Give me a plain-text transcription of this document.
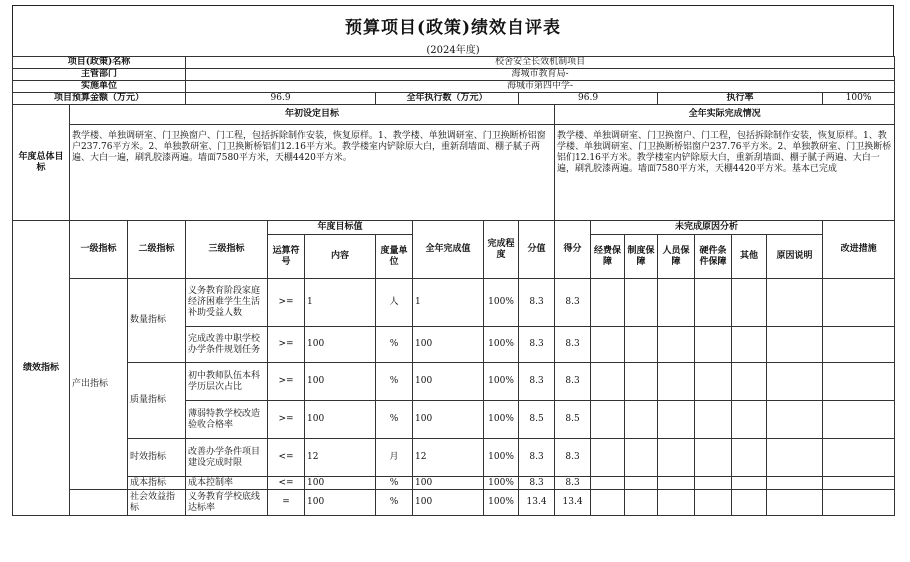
预算项目(政策)绩效自评表
(2024年度)
项目(政策)名称			校舍安全长效机制项目														
主管部门			海城市教育局-														
实施单位			海城市第四中学-														
项目预算金额（万元）			96.9			全年执行数（万元）			96.9				执行率				100%
年度总体目标	年初设定目标									全年实际完成情况							
	教学楼、单独调研室、门卫换窗户、门工程，包括拆除制作安装，恢复原样。1、教学楼、单独调研室、门卫换断桥铝窗户237.76平方米。2、单独教研室、门卫换断桥铝们12.16平方米。教学楼室内铲除原大白，重新刮墙面、棚子腻子两遍、大白一遍，刷乳胶漆两遍。墙面7580平方米，天棚4420平方米。									教学楼、单独调研室、门卫换窗户、门工程，包括拆除制作安装，恢复原样。1、教学楼、单独调研室、门卫换断桥铝窗户237.76平方米。2、单独教研室、门卫换断桥铝们12.16平方米。教学楼室内铲除原大白，重新刮墙面、棚子腻子两遍、大白一遍，刷乳胶漆两遍。墙面7580平方米，天棚4420平方米。基本已完成							
绩效指标	一级指标	二级指标	三级指标	年度目标值			全年完成值	完成程度	分值	得分	未完成原因分析						改进措施
				运算符号	内容	度量单位					经费保障	制度保障	人员保障	硬件条件保障	其他	原因说明	
	产出指标	数量指标	义务教育阶段家庭经济困难学生生活补助受益人数	>=	1	人	1	100%	8.3	8.3							
			完成改善中职学校办学条件规划任务	>=	100	%	100	100%	8.3	8.3							
		质量指标	初中教师队伍本科学历层次占比	>=	100	%	100	100%	8.3	8.3							
			薄弱特教学校改造验收合格率	>=	100	%	100	100%	8.5	8.5							
		时效指标	改善办学条件项目建设完成时限	<=	12	月	12	100%	8.3	8.3							
		成本指标	成本控制率	<=	100	%	100	100%	8.3	8.3							
		社会效益指标	义务教育学校底线达标率	=	100	%	100	100%	13.4	13.4							
